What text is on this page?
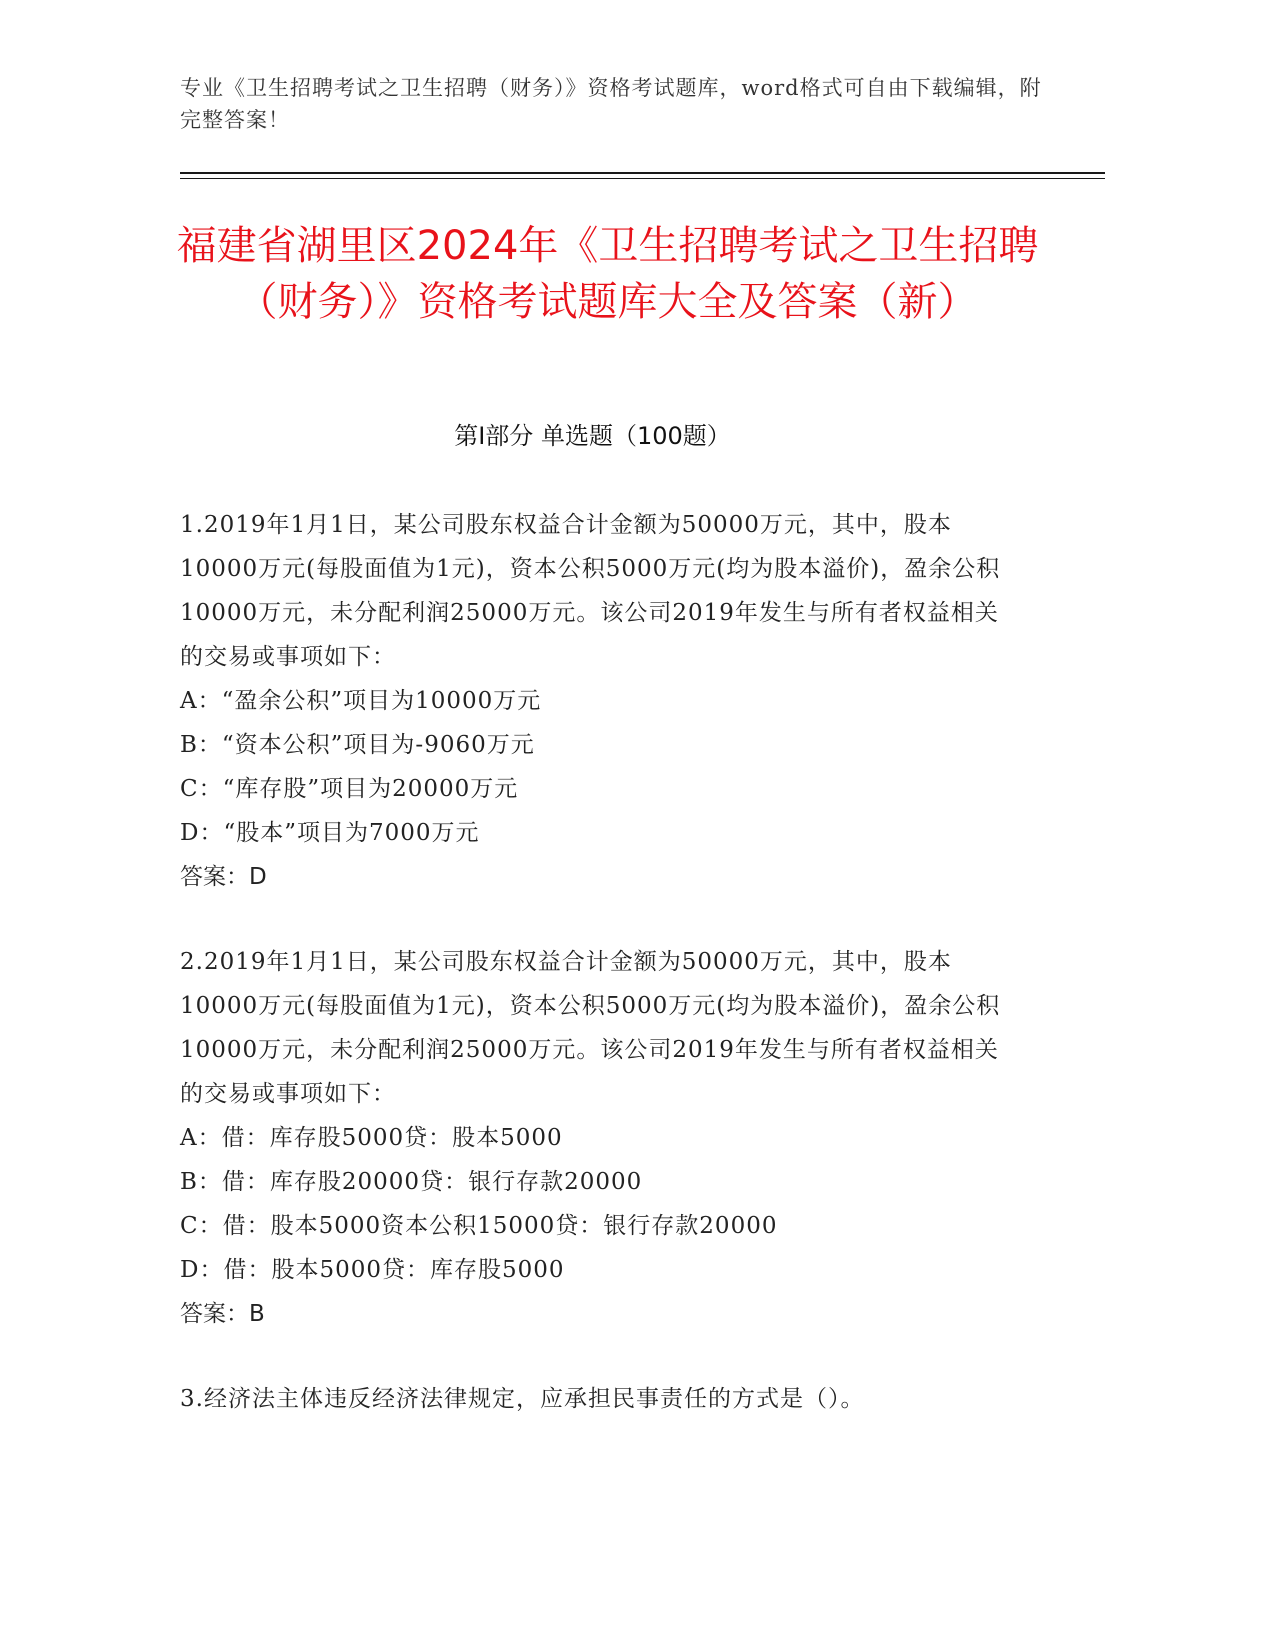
专业《卫生招聘考试之卫生招聘（财务）》资格考试题库，word格式可自由下载编辑，附完整答案！
福建省湖里区2024年《卫生招聘考试之卫生招聘（财务）》资格考试题库大全及答案（新）
第I部分 单选题（100题）

1.2019年1月1日，某公司股东权益合计金额为50000万元，其中，股本10000万元(每股面值为1元)，资本公积5000万元(均为股本溢价)，盈余公积10000万元，未分配利润25000万元。该公司2019年发生与所有者权益相关的交易或事项如下：

A：“盈余公积”项目为10000万元
B：“资本公积”项目为-9060万元
C：“库存股”项目为20000万元
D：“股本”项目为7000万元
答案：D

2.2019年1月1日，某公司股东权益合计金额为50000万元，其中，股本10000万元(每股面值为1元)，资本公积5000万元(均为股本溢价)，盈余公积10000万元，未分配利润25000万元。该公司2019年发生与所有者权益相关的交易或事项如下：

A：借：库存股5000贷：股本5000
B：借：库存股20000贷：银行存款20000
C：借：股本5000资本公积15000贷：银行存款20000
D：借：股本5000贷：库存股5000
答案：B

3.经济法主体违反经济法律规定，应承担民事责任的方式是（）。
